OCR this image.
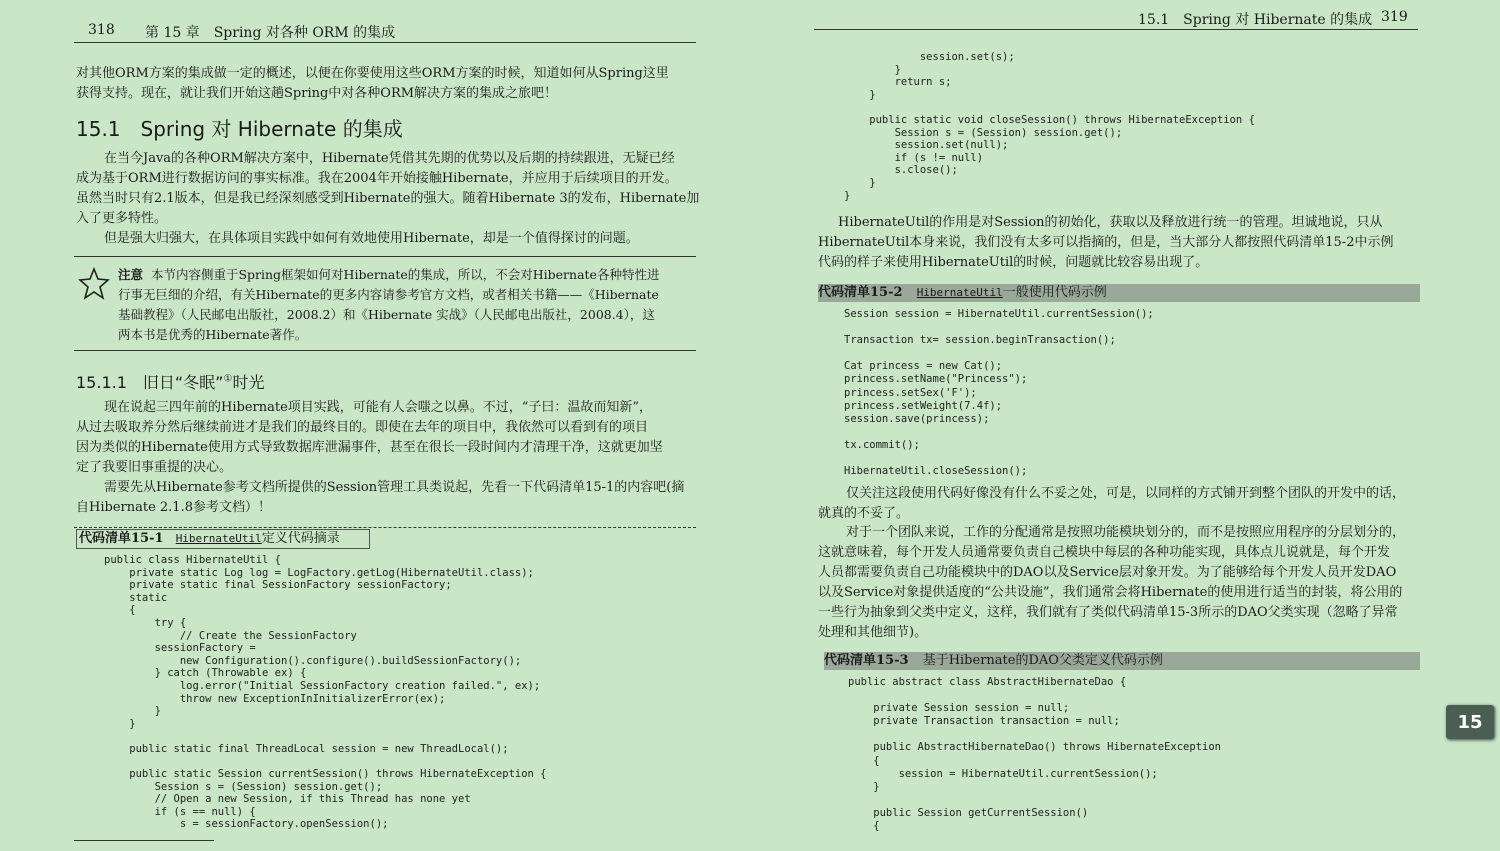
318 第 15 章　Spring 对各种 ORM 的集成
对其他ORM方案的集成做一定的概述，以便在你要使用这些ORM方案的时候，知道如何从Spring这里
获得支持。现在，就让我们开始这趟Spring中对各种ORM解决方案的集成之旅吧！
15.1　Spring 对 Hibernate 的集成
在当今Java的各种ORM解决方案中，Hibernate凭借其先期的优势以及后期的持续跟进，无疑已经
成为基于ORM进行数据访问的事实标准。我在2004年开始接触Hibernate，并应用于后续项目的开发。
虽然当时只有2.1版本，但是我已经深刻感受到Hibernate的强大。随着Hibernate 3的发布，Hibernate加
入了更多特性。
但是强大归强大，在具体项目实践中如何有效地使用Hibernate，却是一个值得探讨的问题。
注意 本节内容侧重于Spring框架如何对Hibernate的集成，所以，不会对Hibernate各种特性进
行事无巨细的介绍，有关Hibernate的更多内容请参考官方文档，或者相关书籍——《Hibernate
基础教程》（人民邮电出版社，2008.2）和《Hibernate 实战》（人民邮电出版社，2008.4），这
两本书是优秀的Hibernate著作。
15.1.1　旧日“冬眠”①时光
现在说起三四年前的Hibernate项目实践，可能有人会嗤之以鼻。不过，“子曰：温故而知新”，
从过去吸取养分然后继续前进才是我们的最终目的。即使在去年的项目中，我依然可以看到有的项目
因为类似的Hibernate使用方式导致数据库泄漏事件，甚至在很长一段时间内才清理干净，这就更加坚
定了我要旧事重提的决心。
需要先从Hibernate参考文档所提供的Session管理工具类说起，先看一下代码清单15-1的内容吧(摘
自Hibernate 2.1.8参考文档）！
代码清单15-1 HibernateUtil定义代码摘录
public class HibernateUtil {
private static Log log = LogFactory.getLog(HibernateUtil.class);
private static final SessionFactory sessionFactory;
static
{
try {
// Create the SessionFactory
sessionFactory =
new Configuration().configure().buildSessionFactory();
} catch (Throwable ex) {
log.error("Initial SessionFactory creation failed.", ex);
throw new ExceptionInInitializerError(ex);
}
}

public static final ThreadLocal session = new ThreadLocal();

public static Session currentSession() throws HibernateException {
Session s = (Session) session.get();
// Open a new Session, if this Thread has none yet
if (s == null) {
s = sessionFactory.openSession();
15.1　Spring 对 Hibernate 的集成 319
session.set(s);
}
return s;
}

public static void closeSession() throws HibernateException {
Session s = (Session) session.get();
session.set(null);
if (s != null)
s.close();
}
}
HibernateUtil的作用是对Session的初始化，获取以及释放进行统一的管理。坦诚地说，只从
HibernateUtil本身来说，我们没有太多可以指摘的，但是，当大部分人都按照代码清单15-2中示例
代码的样子来使用HibernateUtil的时候，问题就比较容易出现了。
代码清单15-2 HibernateUtil一般使用代码示例
Session session = HibernateUtil.currentSession();

Transaction tx= session.beginTransaction();

Cat princess = new Cat();
princess.setName("Princess");
princess.setSex('F');
princess.setWeight(7.4f);
session.save(princess);

tx.commit();

HibernateUtil.closeSession();
仅关注这段使用代码好像没有什么不妥之处，可是，以同样的方式铺开到整个团队的开发中的话，
就真的不妥了。
对于一个团队来说，工作的分配通常是按照功能模块划分的，而不是按照应用程序的分层划分的，
这就意味着，每个开发人员通常要负责自己模块中每层的各种功能实现，具体点儿说就是，每个开发
人员都需要负责自己功能模块中的DAO以及Service层对象开发。为了能够给每个开发人员开发DAO
以及Service对象提供适度的“公共设施”，我们通常会将Hibernate的使用进行适当的封装，将公用的
一些行为抽象到父类中定义，这样，我们就有了类似代码清单15-3所示的DAO父类实现（忽略了异常
处理和其他细节)。
代码清单15-3 基于Hibernate的DAO父类定义代码示例
public abstract class AbstractHibernateDao {

private Session session = null;
private Transaction transaction = null;

public AbstractHibernateDao() throws HibernateException
{
session = HibernateUtil.currentSession();
}

public Session getCurrentSession()
{
15
